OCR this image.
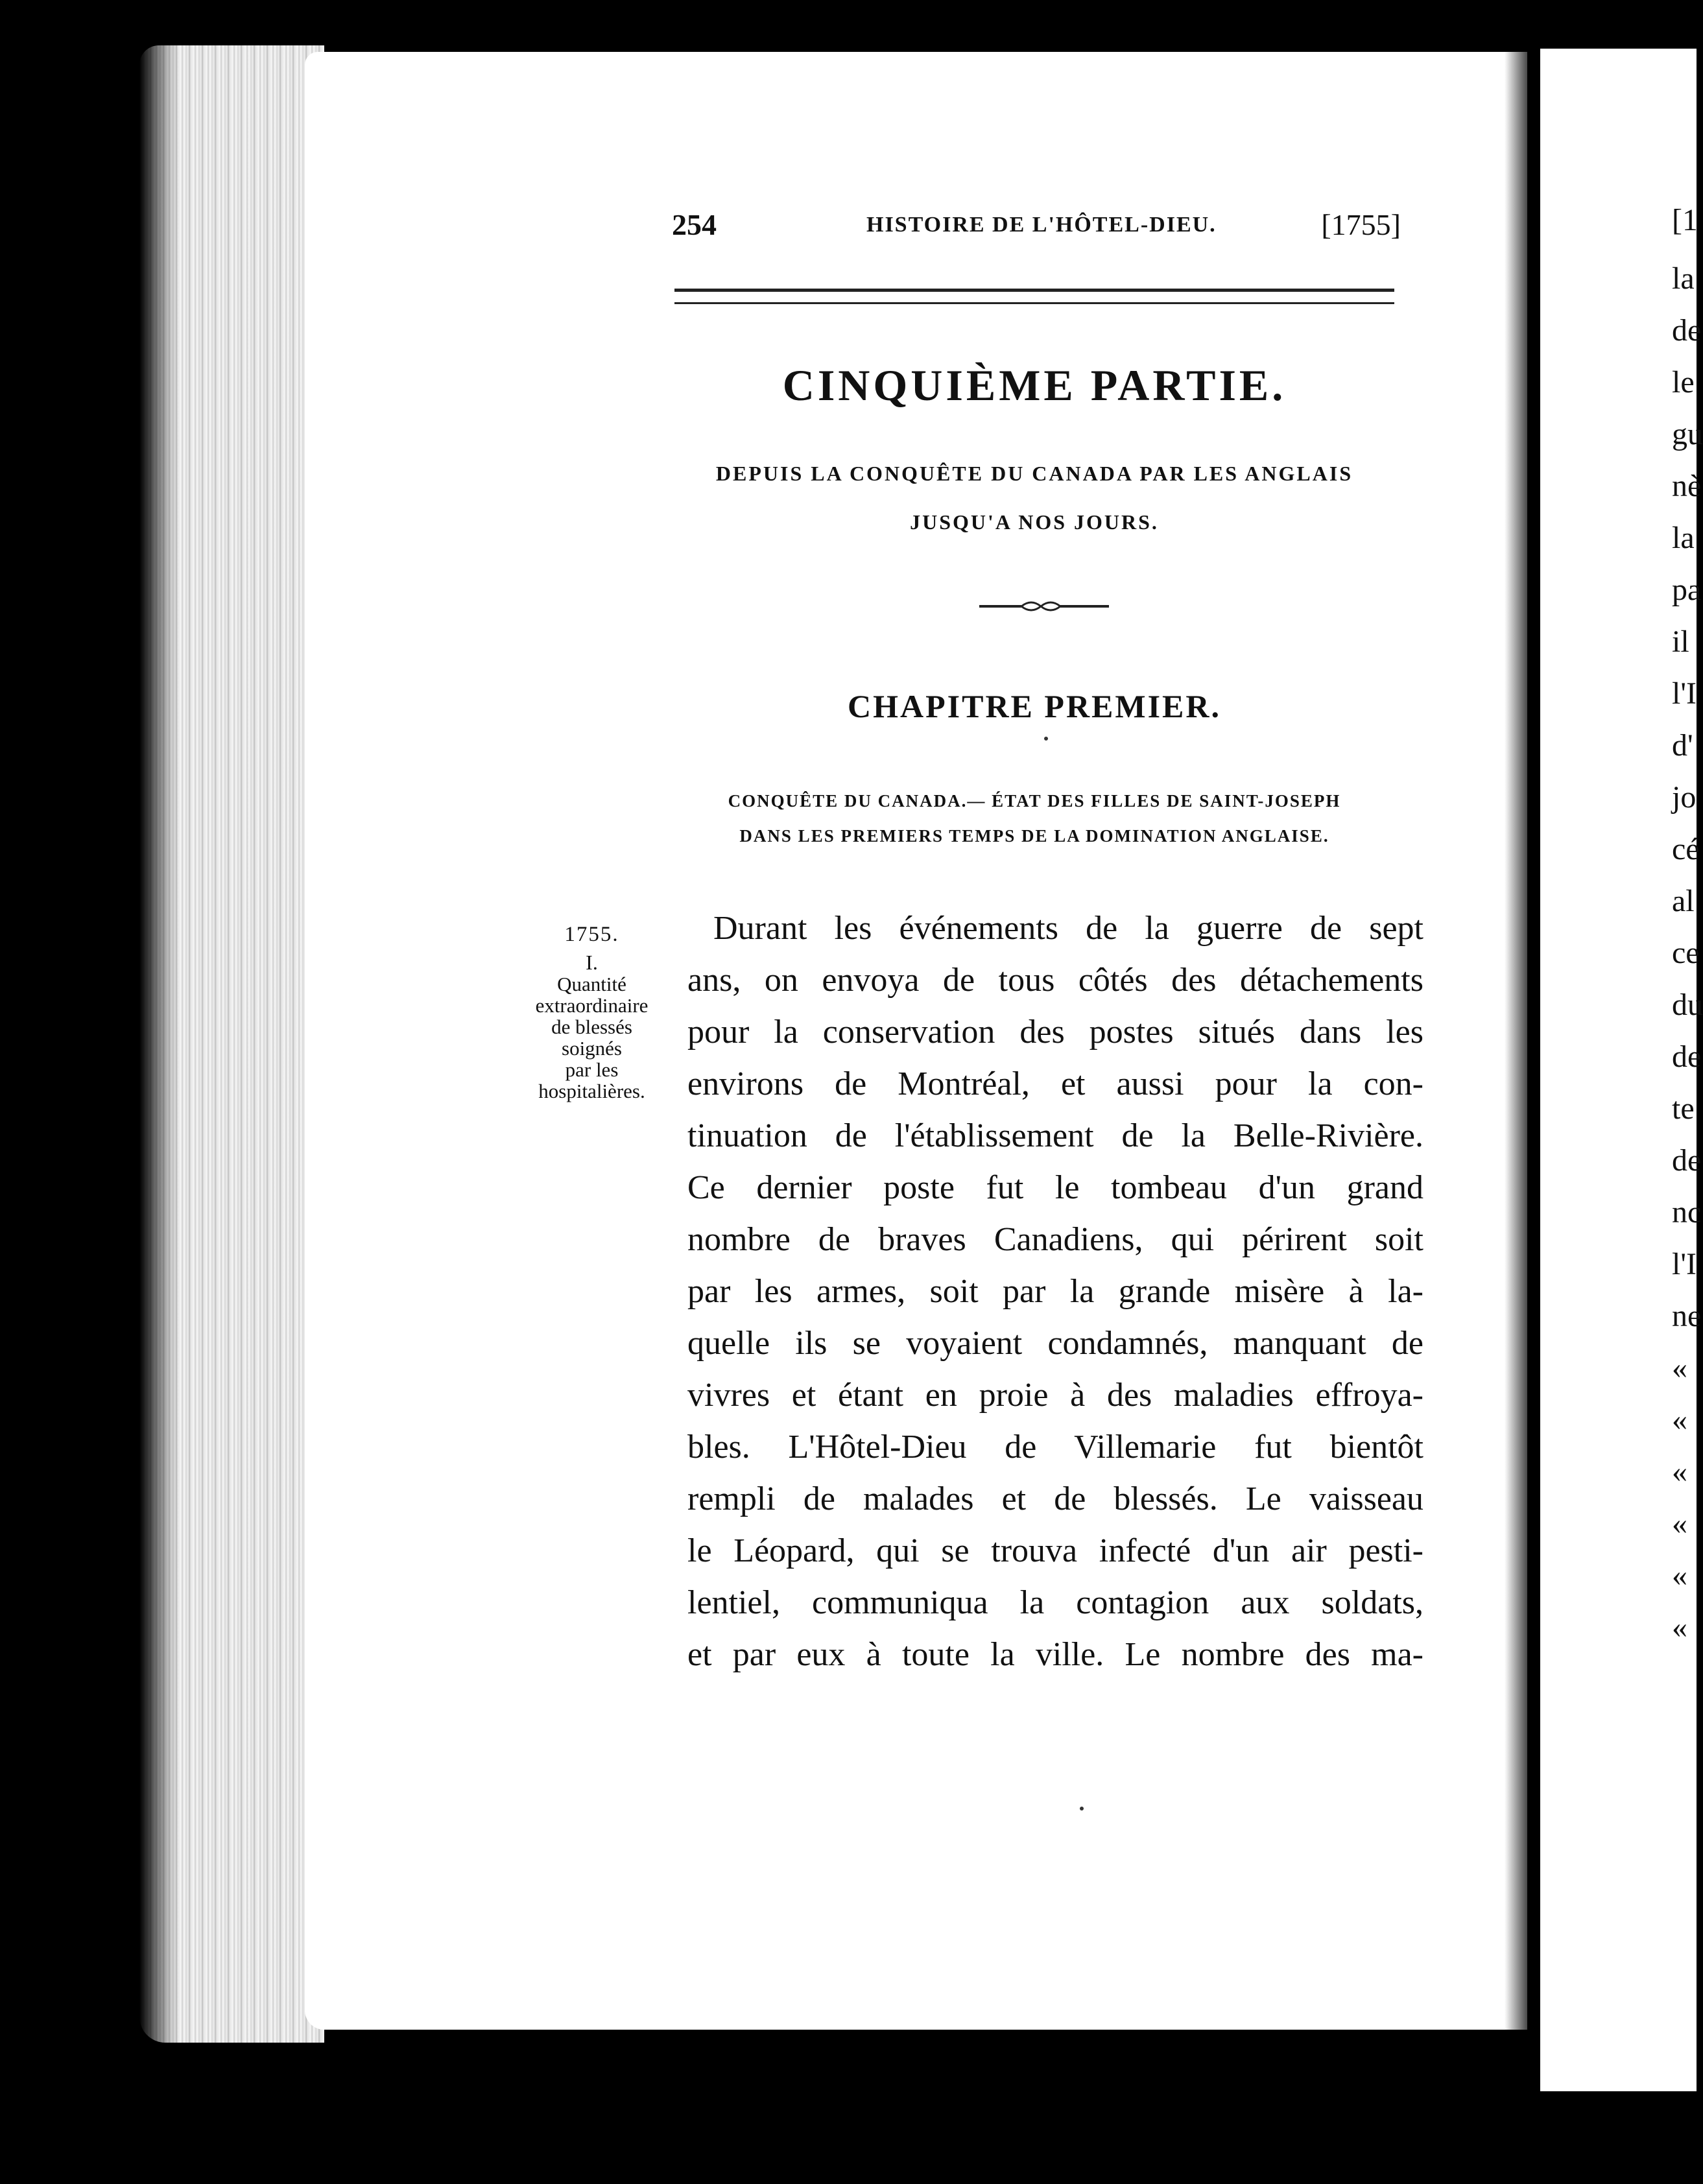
[1
la
de
le
gu
nè
la
pa
il
l'I
d'
jo
cé
al
ce
du
de
te
de
nc
l'I
ne
«
«
«
«
«
«
254	HISTOIRE DE L'HÔTEL-DIEU.	[1755]
CINQUIÈME PARTIE.
DEPUIS LA CONQUÊTE DU CANADA PAR LES ANGLAIS
JUSQU'A NOS JOURS.
CHAPITRE PREMIER.
CONQUÊTE DU CANADA.— ÉTAT DES FILLES DE SAINT-JOSEPH
DANS LES PREMIERS TEMPS DE LA DOMINATION ANGLAISE.
1755.
I.
Quantité
extraordinaire
de blessés
soignés
par les
hospitalières.
Durant les événements de la guerre de sept
ans, on envoya de tous côtés des détachements
pour la conservation des postes situés dans les
environs de Montréal, et aussi pour la con-
tinuation de l'établissement de la Belle-Rivière.
Ce dernier poste fut le tombeau d'un grand
nombre de braves Canadiens, qui périrent soit
par les armes, soit par la grande misère à la-
quelle ils se voyaient condamnés, manquant de
vivres et étant en proie à des maladies effroya-
bles. L'Hôtel-Dieu de Villemarie fut bientôt
rempli de malades et de blessés. Le vaisseau
le Léopard, qui se trouva infecté d'un air pesti-
lentiel, communiqua la contagion aux soldats,
et par eux à toute la ville. Le nombre des ma-
